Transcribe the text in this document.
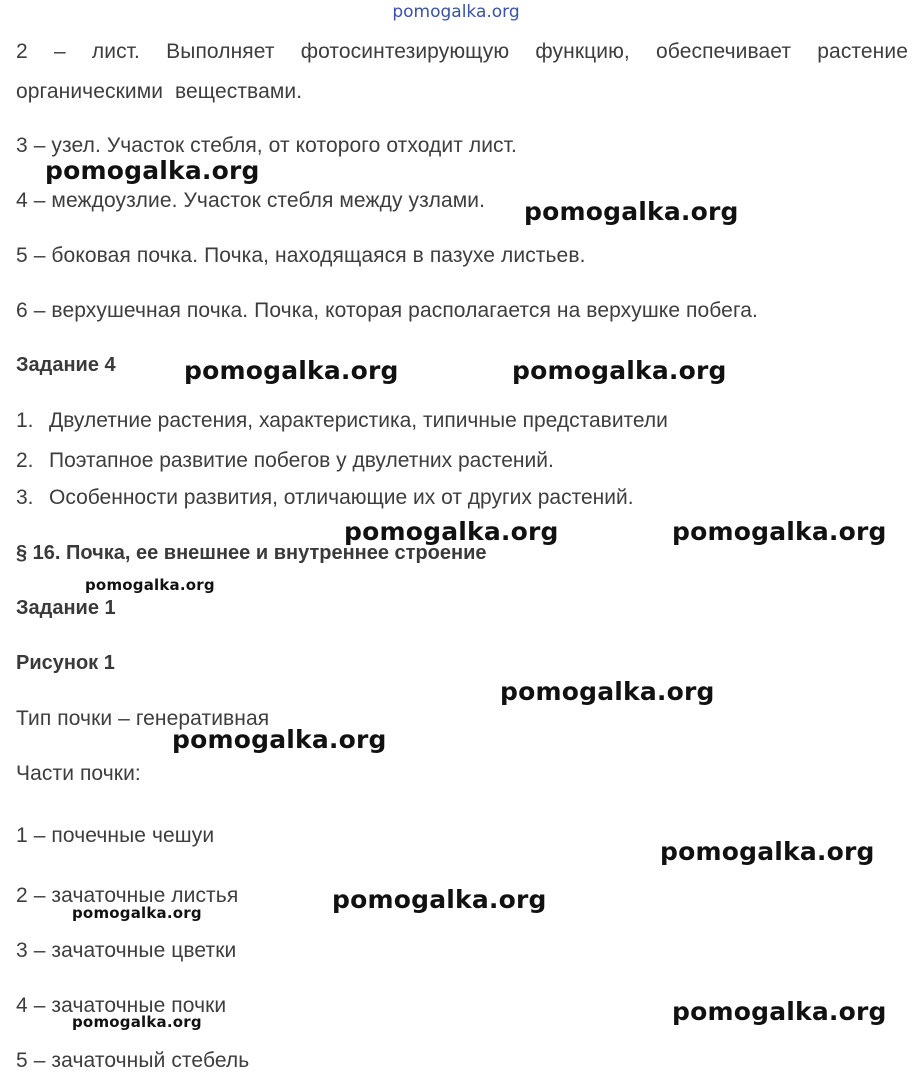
pomogalka.org
2 – лист. Выполняет фотосинтезирующую функцию, обеспечивает растение органическими веществами.
3 – узел. Участок стебля, от которого отходит лист.
4 – междоузлие. Участок стебля между узлами.
5 – боковая почка. Почка, находящаяся в пазухе листьев.
6 – верхушечная почка. Почка, которая располагается на верхушке побега.
Задание 4
1. Двулетние растения, характеристика, типичные представители
2. Поэтапное развитие побегов у двулетних растений.
3. Особенности развития, отличающие их от других растений.
§ 16. Почка, ее внешнее и внутреннее строение
Задание 1
Рисунок 1
Тип почки – генеративная
Части почки:
1 – почечные чешуи
2 – зачаточные листья
3 – зачаточные цветки
4 – зачаточные почки
5 – зачаточный стебель
pomogalka.org
pomogalka.org
pomogalka.org	pomogalka.org
pomogalka.org	pomogalka.org
pomogalka.org
pomogalka.org
pomogalka.org
pomogalka.org
pomogalka.org
pomogalka.org
pomogalka.org
pomogalka.org
